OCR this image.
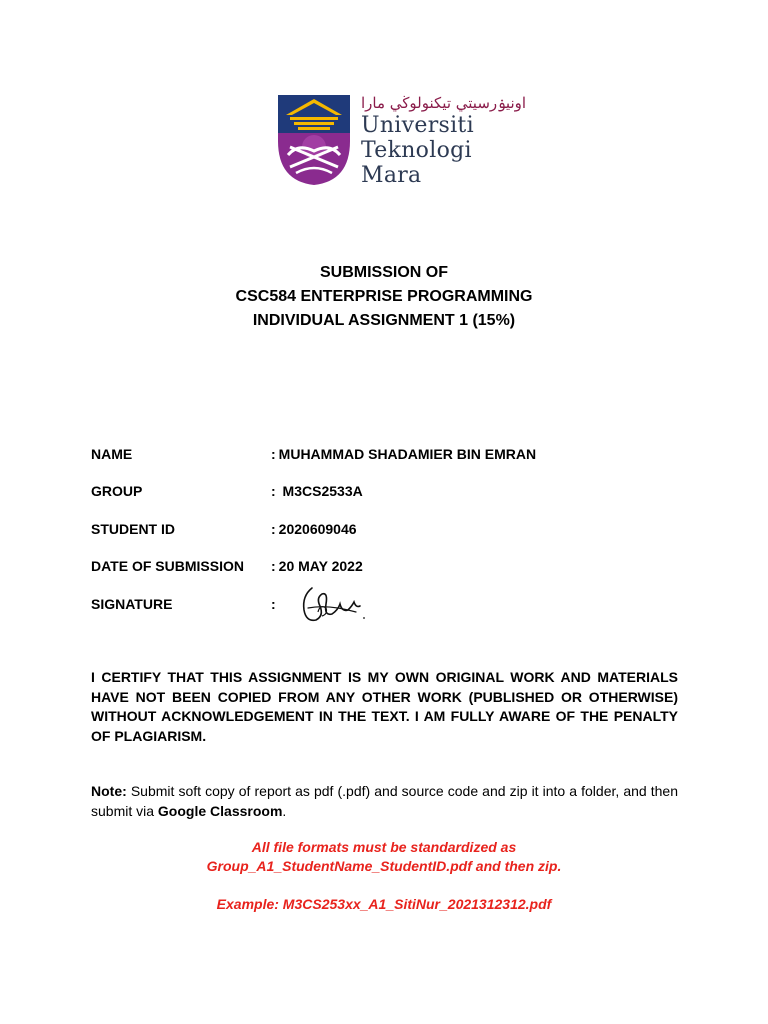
اونيۏرسيتي تيكنولوڬي مارا
Universiti
Teknologi
Mara
SUBMISSION OF
CSC584 ENTERPRISE PROGRAMMING
INDIVIDUAL ASSIGNMENT 1 (15%)
NAME	: MUHAMMAD SHADAMIER BIN EMRAN
GROUP	: M3CS2533A
STUDENT ID	: 2020609046
DATE OF SUBMISSION : 20 MAY 2022
SIGNATURE	:
I CERTIFY THAT THIS ASSIGNMENT IS MY OWN ORIGINAL WORK AND MATERIALS HAVE NOT BEEN COPIED FROM ANY OTHER WORK (PUBLISHED OR OTHERWISE) WITHOUT ACKNOWLEDGEMENT IN THE TEXT. I AM FULLY AWARE OF THE PENALTY OF PLAGIARISM.
Note: Submit soft copy of report as pdf (.pdf) and source code and zip it into a folder, and then submit via Google Classroom.
All file formats must be standardized as
Group_A1_StudentName_StudentID.pdf and then zip.
Example: M3CS253xx_A1_SitiNur_2021312312.pdf
